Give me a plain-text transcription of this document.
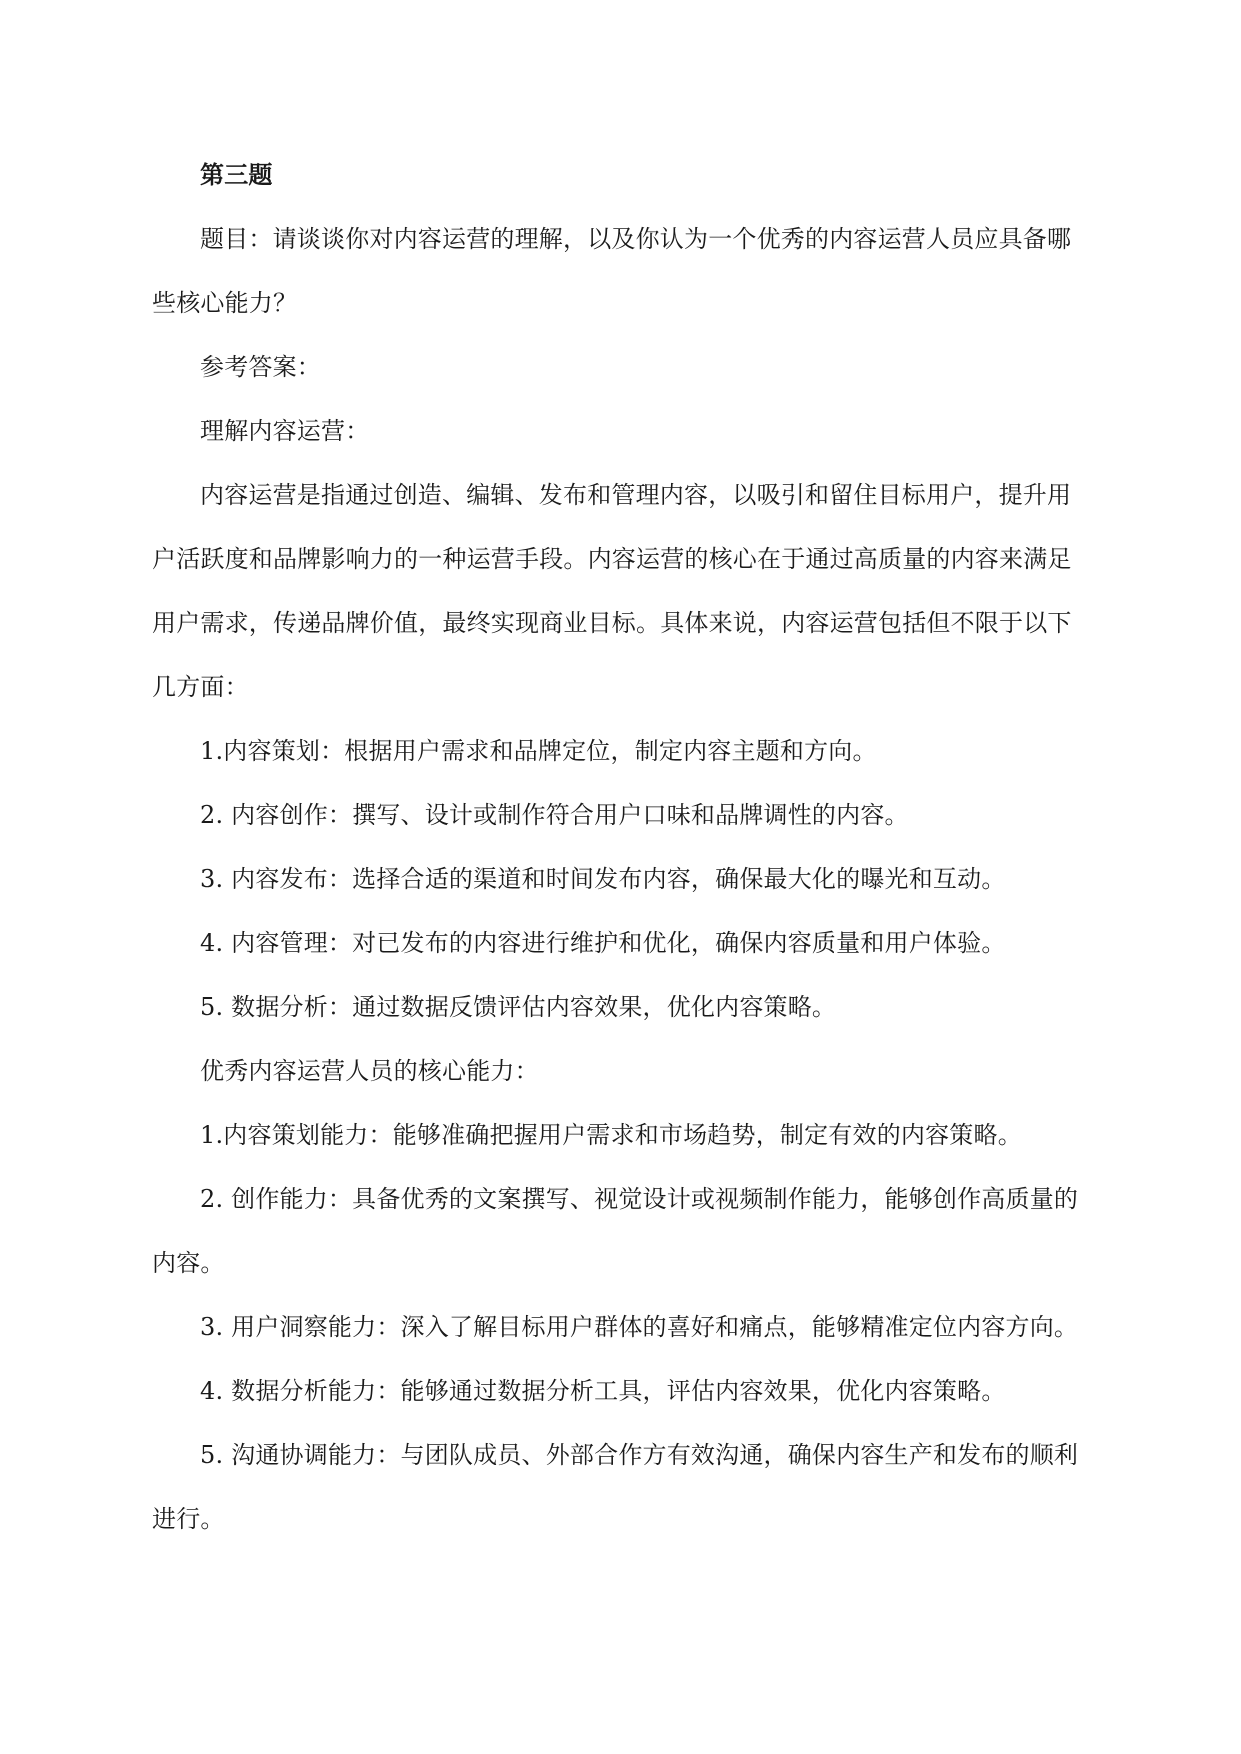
第三题

题目：请谈谈你对内容运营的理解，以及你认为一个优秀的内容运营人员应具备哪些核心能力？

参考答案：

理解内容运营：

内容运营是指通过创造、编辑、发布和管理内容，以吸引和留住目标用户，提升用户活跃度和品牌影响力的一种运营手段。内容运营的核心在于通过高质量的内容来满足用户需求，传递品牌价值，最终实现商业目标。具体来说，内容运营包括但不限于以下几方面：

1.内容策划：根据用户需求和品牌定位，制定内容主题和方向。

2. 内容创作：撰写、设计或制作符合用户口味和品牌调性的内容。

3. 内容发布：选择合适的渠道和时间发布内容，确保最大化的曝光和互动。

4. 内容管理：对已发布的内容进行维护和优化，确保内容质量和用户体验。

5. 数据分析：通过数据反馈评估内容效果，优化内容策略。

优秀内容运营人员的核心能力：

1.内容策划能力：能够准确把握用户需求和市场趋势，制定有效的内容策略。

2. 创作能力：具备优秀的文案撰写、视觉设计或视频制作能力，能够创作高质量的内容。

3. 用户洞察能力：深入了解目标用户群体的喜好和痛点，能够精准定位内容方向。

4. 数据分析能力：能够通过数据分析工具，评估内容效果，优化内容策略。

5. 沟通协调能力：与团队成员、外部合作方有效沟通，确保内容生产和发布的顺利进行。
